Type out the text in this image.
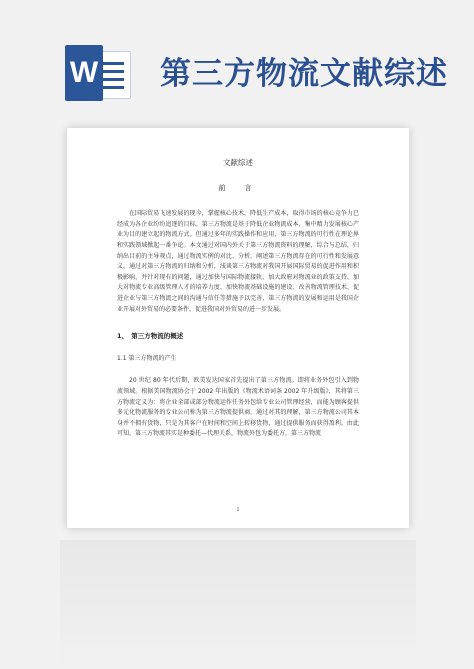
W 第三方物流文献综述
文献综述
前　言

在国际贸易飞速发展的现今，掌握核心技术，降低生产成本，取得市场的核心竞争力已经成为各企业纷纷追逐的目标。第三方物流是基于降低企业物流成本、集中精力发展核心产业为目的建立起的物流方式。但通过多年的实践操作和应用，第三方物流的可行性在理论界和实践领域掀起一番争论。本文通过对国内外关于第三方物流资料的理解，综合与总结，归纳出目前的主导观点，通过物流实例的对比、分析，阐述第三方物流存在的可行性和发展意义。通过对第三方物流的归纳和分析，浅谈第三方物流对我国开展国际贸易的促进作用和积极影响，并针对现有的问题，通过加快与国际物流接轨、加大政府对物流业的政策支持、加大对物流专业高级管理人才的培养力度、加快物流基础设施的建设、改善物流管理技术、促进企业与第三方物流之间的沟通与信任等措施予以完善，第三方物流的发展和运用是我国企业开展对外贸易的必要条件，促进我国对外贸易的进一步发展。

1、　第三方物流的概述
1.1 第三方物流的产生

20 世纪 80 年代后期，欧美发达国家首先提出了第三方物流。即将业务外包引入到物流领域。根据美国物流协会于 2002 年出版的《物流术语词条 2002 年升级版》，其将第三方物流定义为：将企业全部或部分物流运作任务外包给专业公司管理经营，而能为顾客提供多元化物流服务的专业公司称为第三方物流提供商。通过对其的理解，第三方物流公司其本身并不拥有货物，只是为其客户在时间和空间上转移货物，通过提供服务而获得盈利。由此可知，第三方物流其实是种委托—代理关系，物流外包为委托方，第三方物流

1
